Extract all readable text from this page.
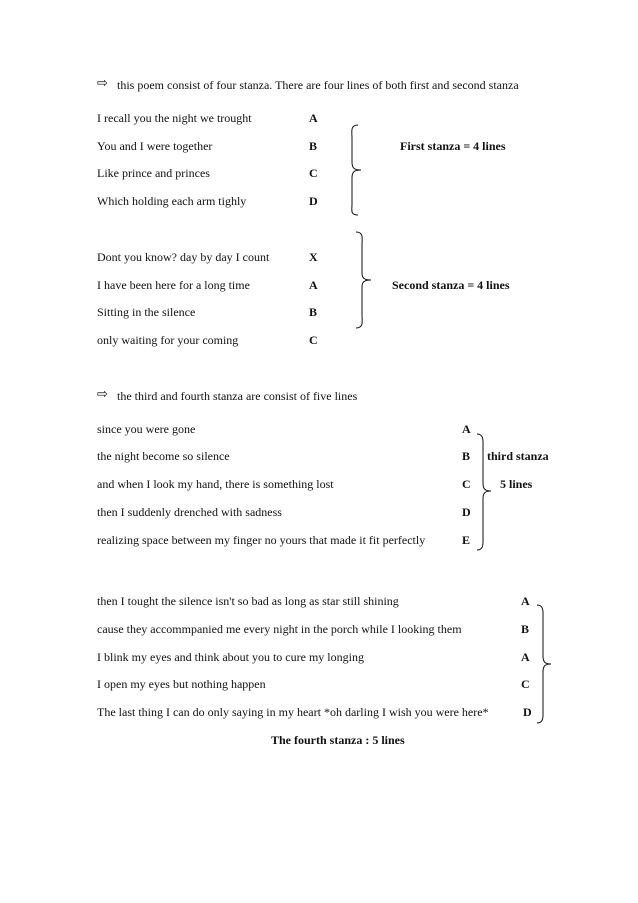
⇨ this poem consist of four stanza. There are four lines of both first and second stanza
I recall you the night we trought
You and I were together
Like prince and princes
Which holding each arm tighly
A
B
C
D
First stanza = 4 lines
Dont you know? day by day I count
I have been here for a long time
Sitting in the silence
only waiting for your coming
X
A
B
C
Second stanza = 4 lines
⇨ the third and fourth stanza are consist of five lines
since you were gone
the night become so silence
and when I look my hand, there is something lost
then I suddenly drenched with sadness
realizing space between my finger no yours that made it fit perfectly
A
B
C
D
E
third stanza
5 lines
then I tought the silence isn't so bad as long as star still shining
cause they accommpanied me every night in the porch while I looking them
I blink my eyes and think about you to cure my longing
I open my eyes but nothing happen
The last thing I can do only saying in my heart *oh darling I wish you were here*
A
B
A
C
D
The fourth stanza : 5 lines
